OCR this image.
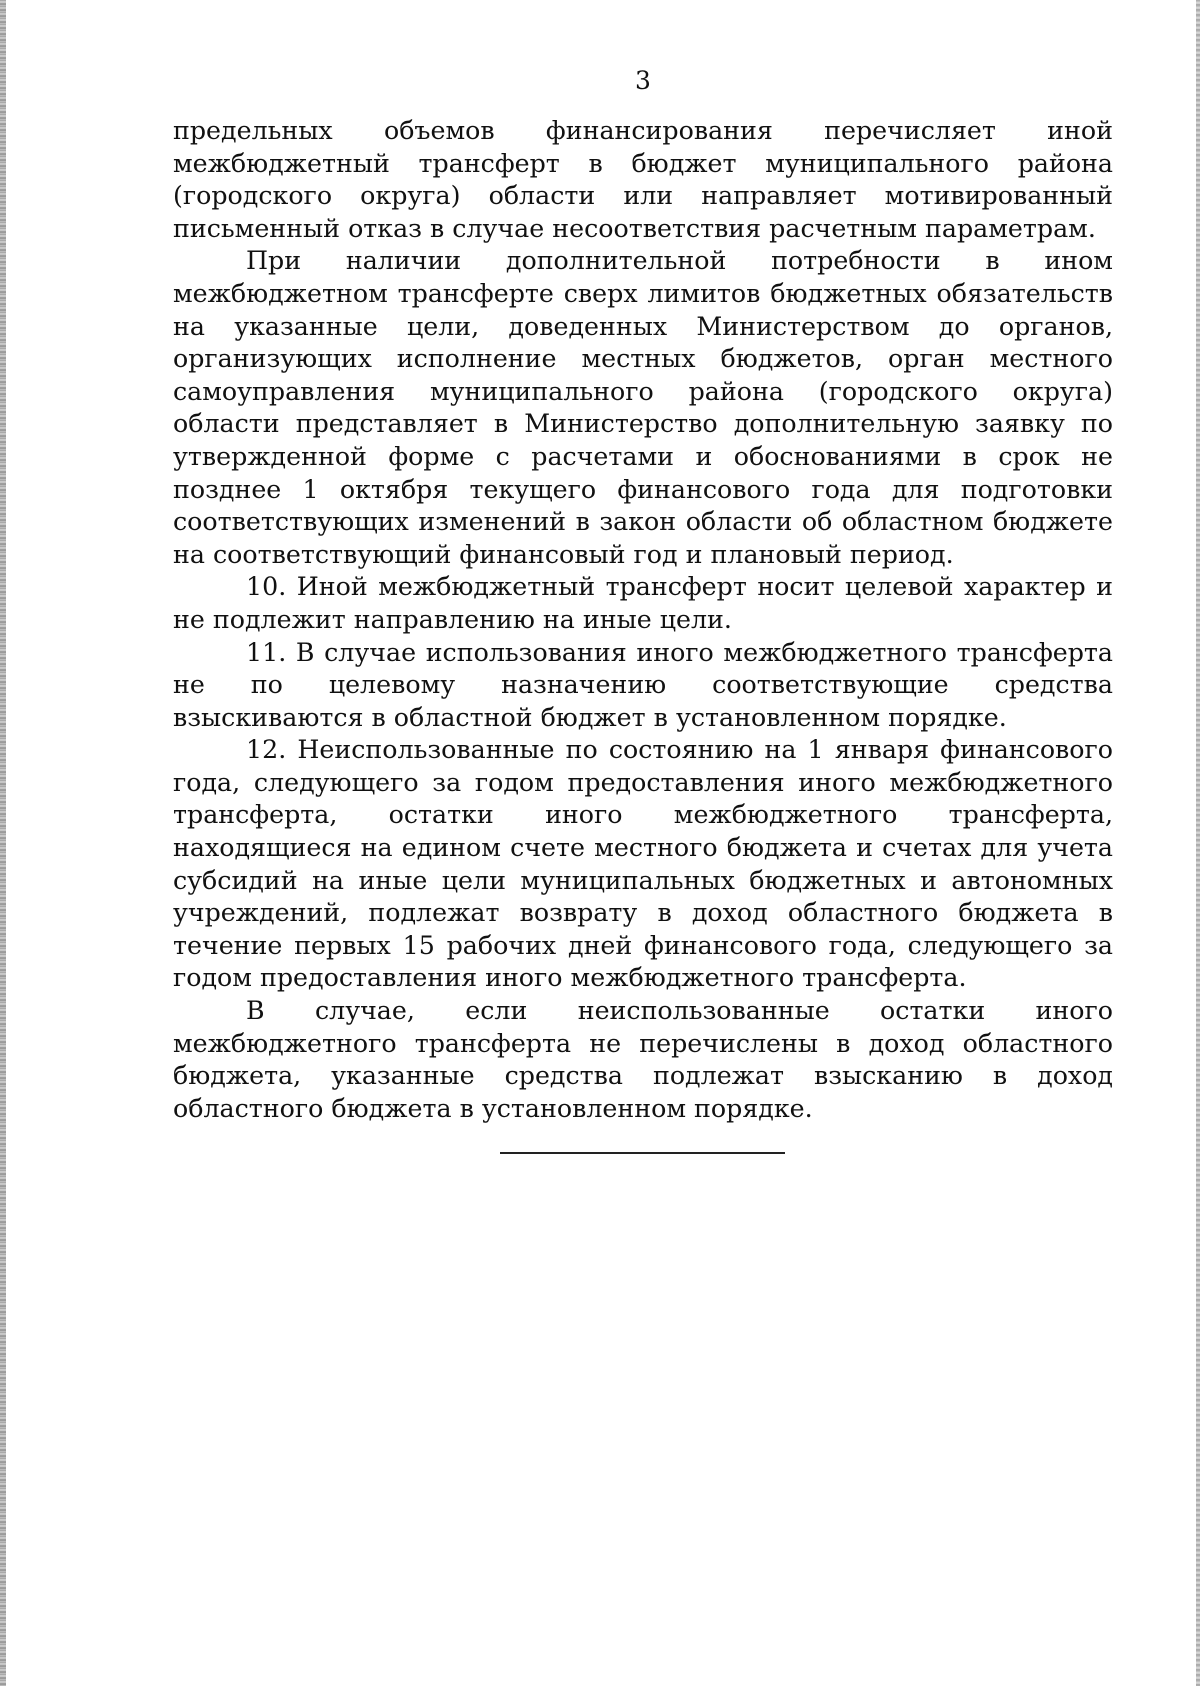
3

предельных объемов финансирования перечисляет иной межбюджетный трансферт в бюджет муниципального района (городского округа) области или направляет мотивированный письменный отказ в случае несоответствия расчетным параметрам.

При наличии дополнительной потребности в ином межбюджетном трансферте сверх лимитов бюджетных обязательств на указанные цели, доведенных Министерством до органов, организующих исполнение местных бюджетов, орган местного самоуправления муниципального района (городского округа) области представляет в Министерство дополнительную заявку по утвержденной форме с расчетами и обоснованиями в срок не позднее 1 октября текущего финансового года для подготовки соответствующих изменений в закон области об областном бюджете на соответствующий финансовый год и плановый период.

10. Иной межбюджетный трансферт носит целевой характер и не подлежит направлению на иные цели.

11. В случае использования иного межбюджетного трансферта не по целевому назначению соответствующие средства взыскиваются в областной бюджет в установленном порядке.

12. Неиспользованные по состоянию на 1 января финансового года, следующего за годом предоставления иного межбюджетного трансферта, остатки иного межбюджетного трансферта, находящиеся на едином счете местного бюджета и счетах для учета субсидий на иные цели муниципальных бюджетных и автономных учреждений, подлежат возврату в доход областного бюджета в течение первых 15 рабочих дней финансового года, следующего за годом предоставления иного межбюджетного трансферта.

В случае, если неиспользованные остатки иного межбюджетного трансферта не перечислены в доход областного бюджета, указанные средства подлежат взысканию в доход областного бюджета в установленном порядке.
